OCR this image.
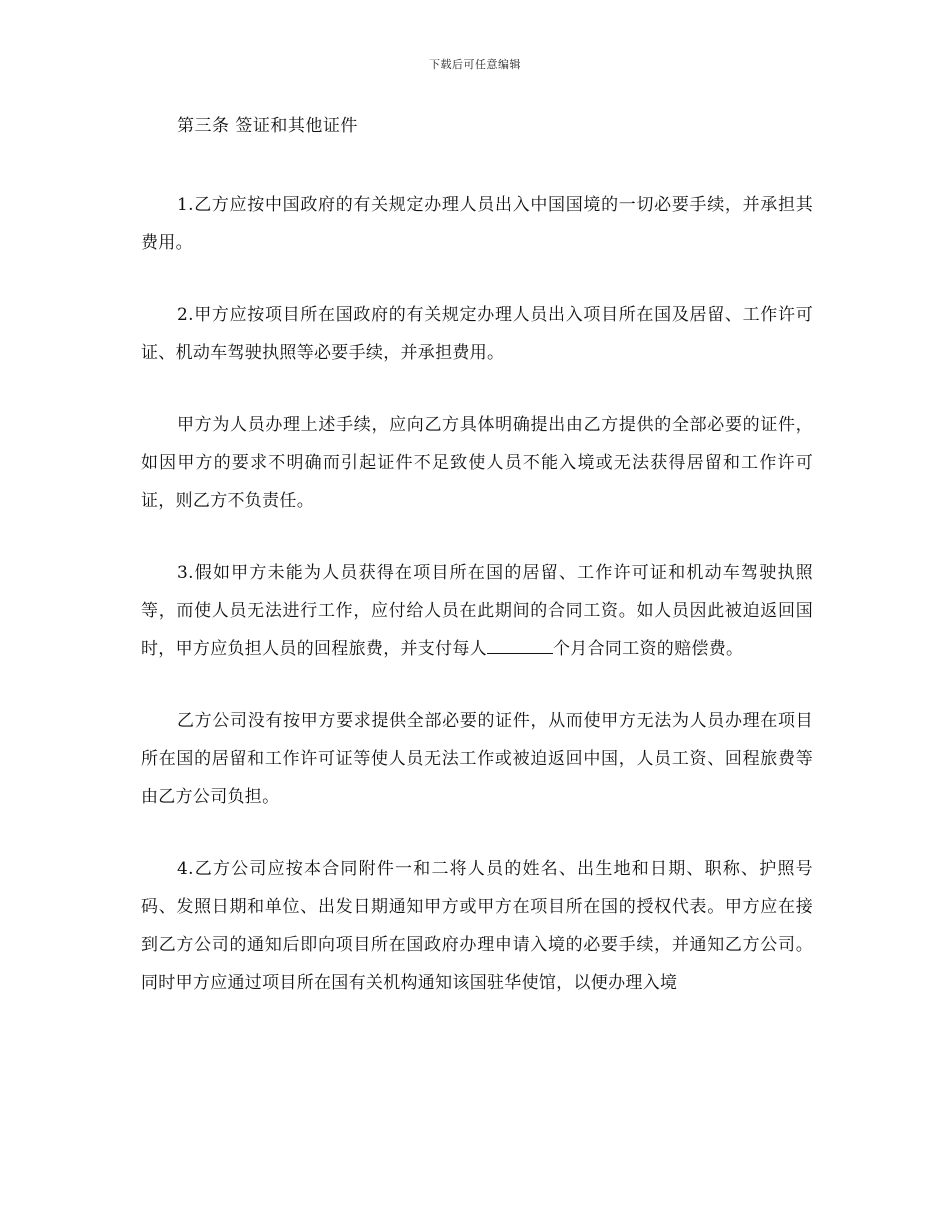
下载后可任意编辑

第三条 签证和其他证件

1.乙方应按中国政府的有关规定办理人员出入中国国境的一切必要手续，并承担其费用。

2.甲方应按项目所在国政府的有关规定办理人员出入项目所在国及居留、工作许可证、机动车驾驶执照等必要手续，并承担费用。

甲方为人员办理上述手续，应向乙方具体明确提出由乙方提供的全部必要的证件，如因甲方的要求不明确而引起证件不足致使人员不能入境或无法获得居留和工作许可证，则乙方不负责任。

3.假如甲方未能为人员获得在项目所在国的居留、工作许可证和机动车驾驶执照等，而使人员无法进行工作，应付给人员在此期间的合同工资。如人员因此被迫返回国时，甲方应负担人员的回程旅费，并支付每人	个月合同工资的赔偿费。

乙方公司没有按甲方要求提供全部必要的证件，从而使甲方无法为人员办理在项目所在国的居留和工作许可证等使人员无法工作或被迫返回中国，人员工资、回程旅费等由乙方公司负担。

4.乙方公司应按本合同附件一和二将人员的姓名、出生地和日期、职称、护照号码、发照日期和单位、出发日期通知甲方或甲方在项目所在国的授权代表。甲方应在接到乙方公司的通知后即向项目所在国政府办理申请入境的必要手续，并通知乙方公司。同时甲方应通过项目所在国有关机构通知该国驻华使馆，以便办理入境
